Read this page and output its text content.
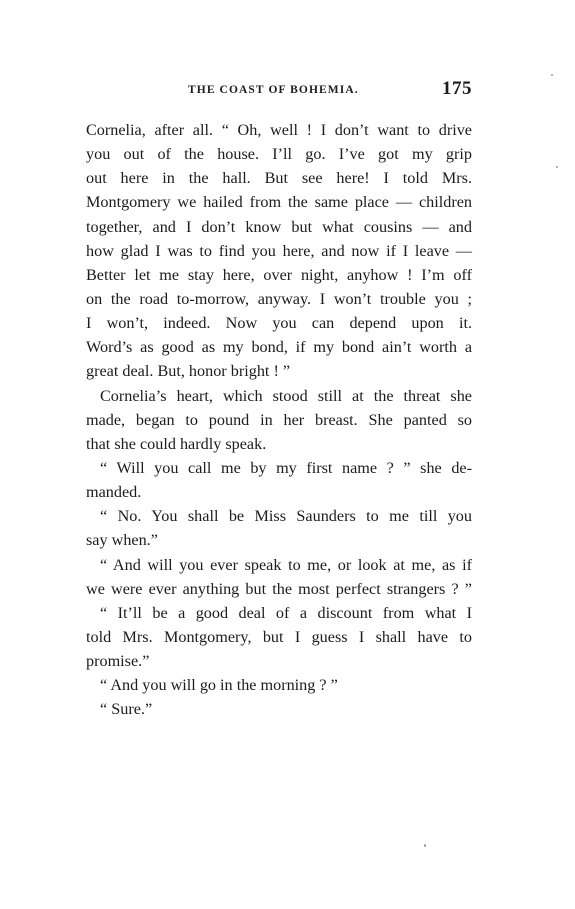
THE COAST OF BOHEMIA.	175
Cornelia, after all. “ Oh, well ! I don’t want to drive
you out of the house. I’ll go. I’ve got my grip
out here in the hall. But see here! I told Mrs.
Montgomery we hailed from the same place — children
together, and I don’t know but what cousins — and
how glad I was to find you here, and now if I leave —
Better let me stay here, over night, anyhow ! I’m off
on the road to-morrow, anyway. I won’t trouble you ;
I won’t, indeed. Now you can depend upon it.
Word’s as good as my bond, if my bond ain’t worth a
great deal. But, honor bright ! ”
Cornelia’s heart, which stood still at the threat she
made, began to pound in her breast. She panted so
that she could hardly speak.
“ Will you call me by my first name ? ” she de-
manded.
“ No. You shall be Miss Saunders to me till you
say when.”
“ And will you ever speak to me, or look at me, as if
we were ever anything but the most perfect strangers ? ”
“ It’ll be a good deal of a discount from what I
told Mrs. Montgomery, but I guess I shall have to
promise.”
“ And you will go in the morning ? ”
“ Sure.”
